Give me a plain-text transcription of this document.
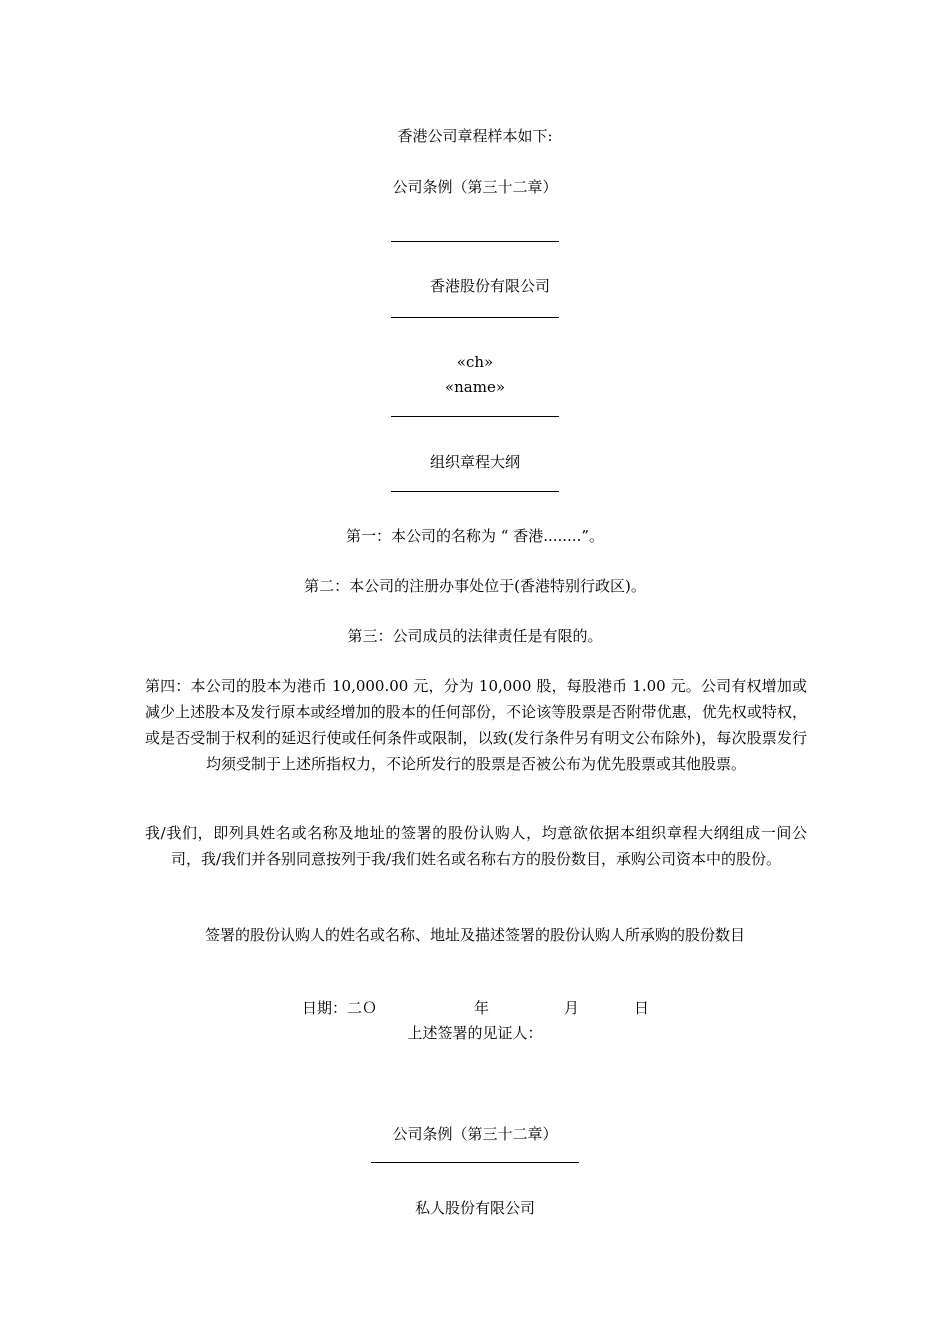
香港公司章程样本如下:
公司条例（第三十二章）
香港股份有限公司
«ch»
«name»
组织章程大纲
第一：本公司的名称为 “ 香港........”。
第二：本公司的注册办事处位于(香港特别行政区)。
第三：公司成员的法律责任是有限的。
第四：本公司的股本为港币 10,000.00 元，分为 10,000 股，每股港币 1.00 元。公司有权增加或减少上述股本及发行原本或经增加的股本的任何部份，不论该等股票是否附带优惠，优先权或特权，或是否受制于权利的延迟行使或任何条件或限制，以致(发行条件另有明文公布除外)，每次股票发行均须受制于上述所指权力，不论所发行的股票是否被公布为优先股票或其他股票。
我/我们，即列具姓名或名称及地址的签署的股份认购人，均意欲依据本组织章程大纲组成一间公司，我/我们并各别同意按列于我/我们姓名或名称右方的股份数目，承购公司资本中的股份。
签署的股份认购人的姓名或名称、地址及描述签署的股份认购人所承购的股份数目
日期：二Ｏ	年	月	日
上述签署的见证人：
公司条例（第三十二章）
私人股份有限公司
